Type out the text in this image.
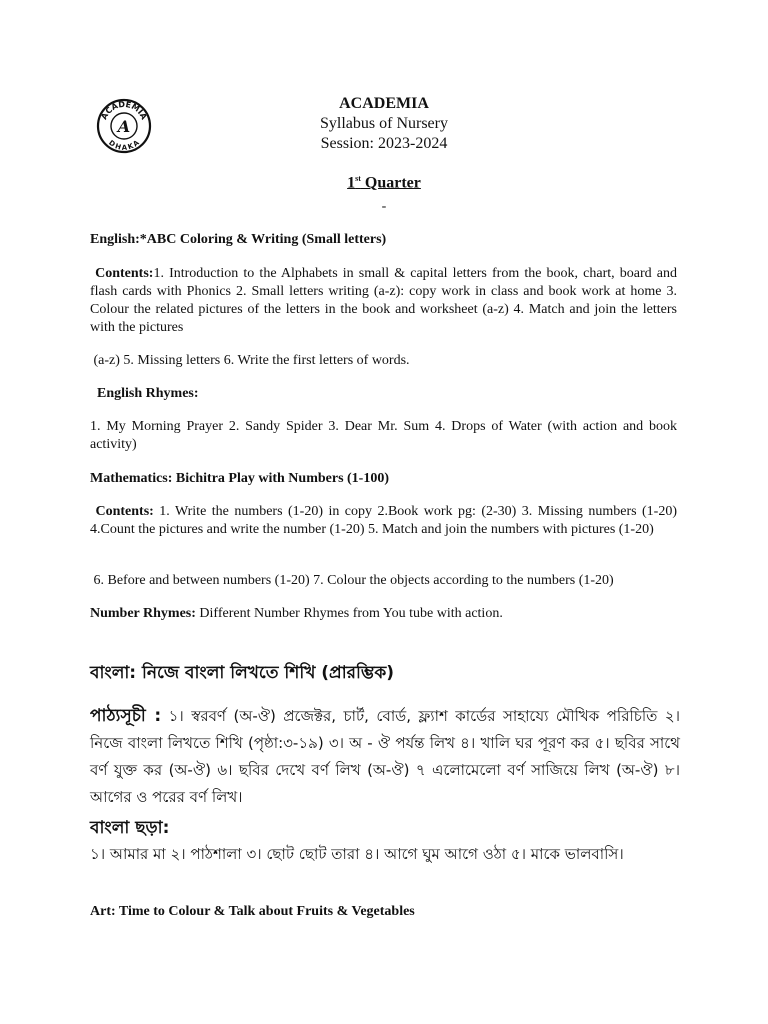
ACADEMIA
DHAKA
A
ACADEMIA
Syllabus of Nursery
Session: 2023-2024
1st Quarter
-
English:*ABC Coloring & Writing (Small letters)
Contents:1. Introduction to the Alphabets in small & capital letters from the book, chart, board and flash cards with Phonics 2. Small letters writing (a-z): copy work in class and book work at home 3. Colour the related pictures of the letters in the book and worksheet (a-z) 4. Match and join the letters with the pictures
(a-z) 5. Missing letters 6. Write the first letters of words.
English Rhymes:
1. My Morning Prayer 2. Sandy Spider 3. Dear Mr. Sum 4. Drops of Water (with action and book activity)
Mathematics: Bichitra Play with Numbers (1-100)
Contents: 1. Write the numbers (1-20) in copy 2.Book work pg: (2-30) 3. Missing numbers (1-20) 4.Count the pictures and write the number (1-20) 5. Match and join the numbers with pictures (1-20)
6. Before and between numbers (1-20) 7. Colour the objects according to the numbers (1-20)
Number Rhymes: Different Number Rhymes from You tube with action.
বাংলা: নিজে বাংলা লিখতে শিখি (প্রারম্ভিক)
পাঠ্যসূচী : ১। স্বরবর্ণ (অ-ঔ) প্রজেক্টর, চার্ট, বোর্ড, ফ্ল্যাশ কার্ডের সাহায্যে মৌখিক পরিচিতি ২। নিজে বাংলা লিখতে শিখি (পৃষ্ঠা:৩-১৯) ৩। অ - ঔ পর্যন্ত লিখ ৪। খালি ঘর পূরণ কর ৫। ছবির সাথে বর্ণ যুক্ত কর (অ-ঔ) ৬। ছবির দেখে বর্ণ লিখ (অ-ঔ) ৭ এলোমেলো বর্ণ সাজিয়ে লিখ (অ-ঔ) ৮। আগের ও পরের বর্ণ লিখ।
বাংলা ছড়া:
১। আমার মা ২। পাঠশালা ৩। ছোট ছোট তারা ৪। আগে ঘুম আগে ওঠা ৫। মাকে ভালবাসি।
Art: Time to Colour & Talk about Fruits & Vegetables
